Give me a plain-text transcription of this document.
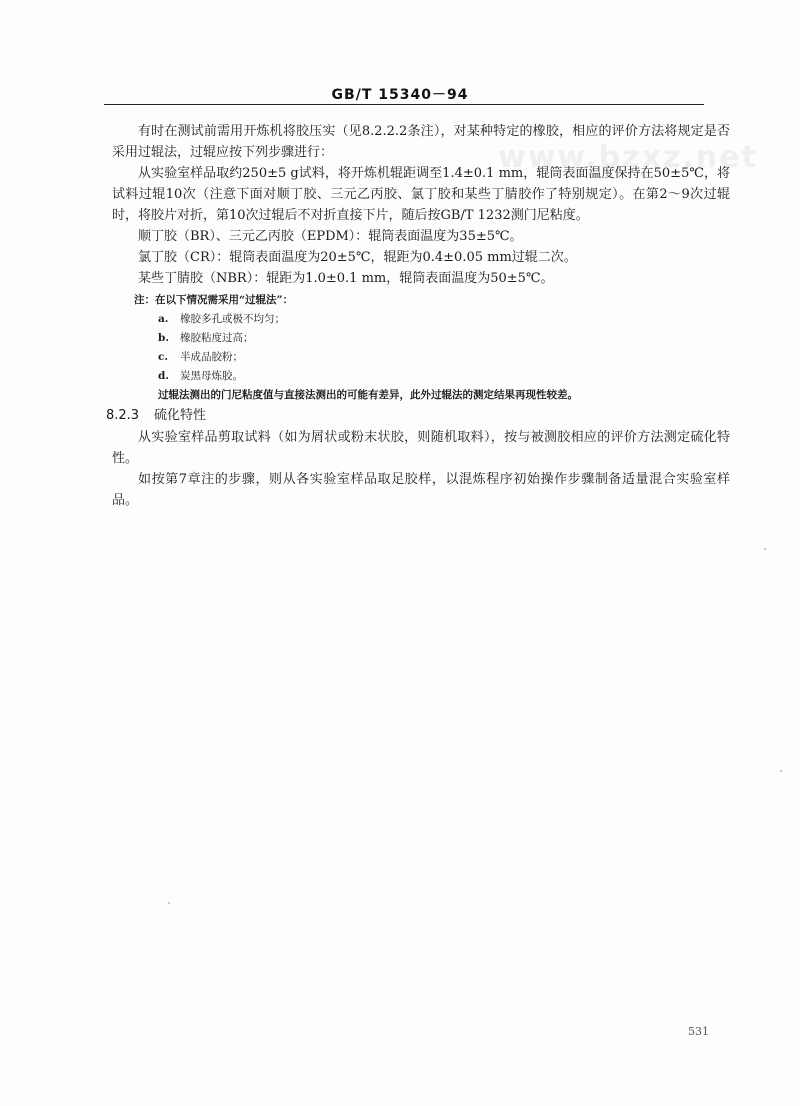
www.bzxz.net
GB/T 15340－94

有时在测试前需用开炼机将胶压实（见8.2.2.2条注），对某种特定的橡胶，相应的评价方法将规定是否采用过辊法，过辊应按下列步骤进行：

从实验室样品取约250±5 g试料，将开炼机辊距调至1.4±0.1 mm，辊筒表面温度保持在50±5℃，将试料过辊10次（注意下面对顺丁胶、三元乙丙胶、氯丁胶和某些丁腈胶作了特别规定）。在第2～9次过辊时，将胶片对折，第10次过辊后不对折直接下片，随后按GB/T 1232测门尼粘度。

顺丁胶（BR）、三元乙丙胶（EPDM）：辊筒表面温度为35±5℃。

氯丁胶（CR）：辊筒表面温度为20±5℃，辊距为0.4±0.05 mm过辊二次。

某些丁腈胶（NBR）：辊距为1.0±0.1 mm，辊筒表面温度为50±5℃。

注：在以下情况需采用“过辊法”：
a.	橡胶多孔或极不均匀；
b.	橡胶粘度过高；
c.	半成品胶粉；
d.	炭黑母炼胶。
过辊法测出的门尼粘度值与直接法测出的可能有差异，此外过辊法的测定结果再现性较差。

8.2.3 硫化特性

从实验室样品剪取试料（如为屑状或粉末状胶，则随机取料），按与被测胶相应的评价方法测定硫化特性。

如按第7章注的步骤，则从各实验室样品取足胶样，以混炼程序初始操作步骤制备适量混合实验室样品。

531
